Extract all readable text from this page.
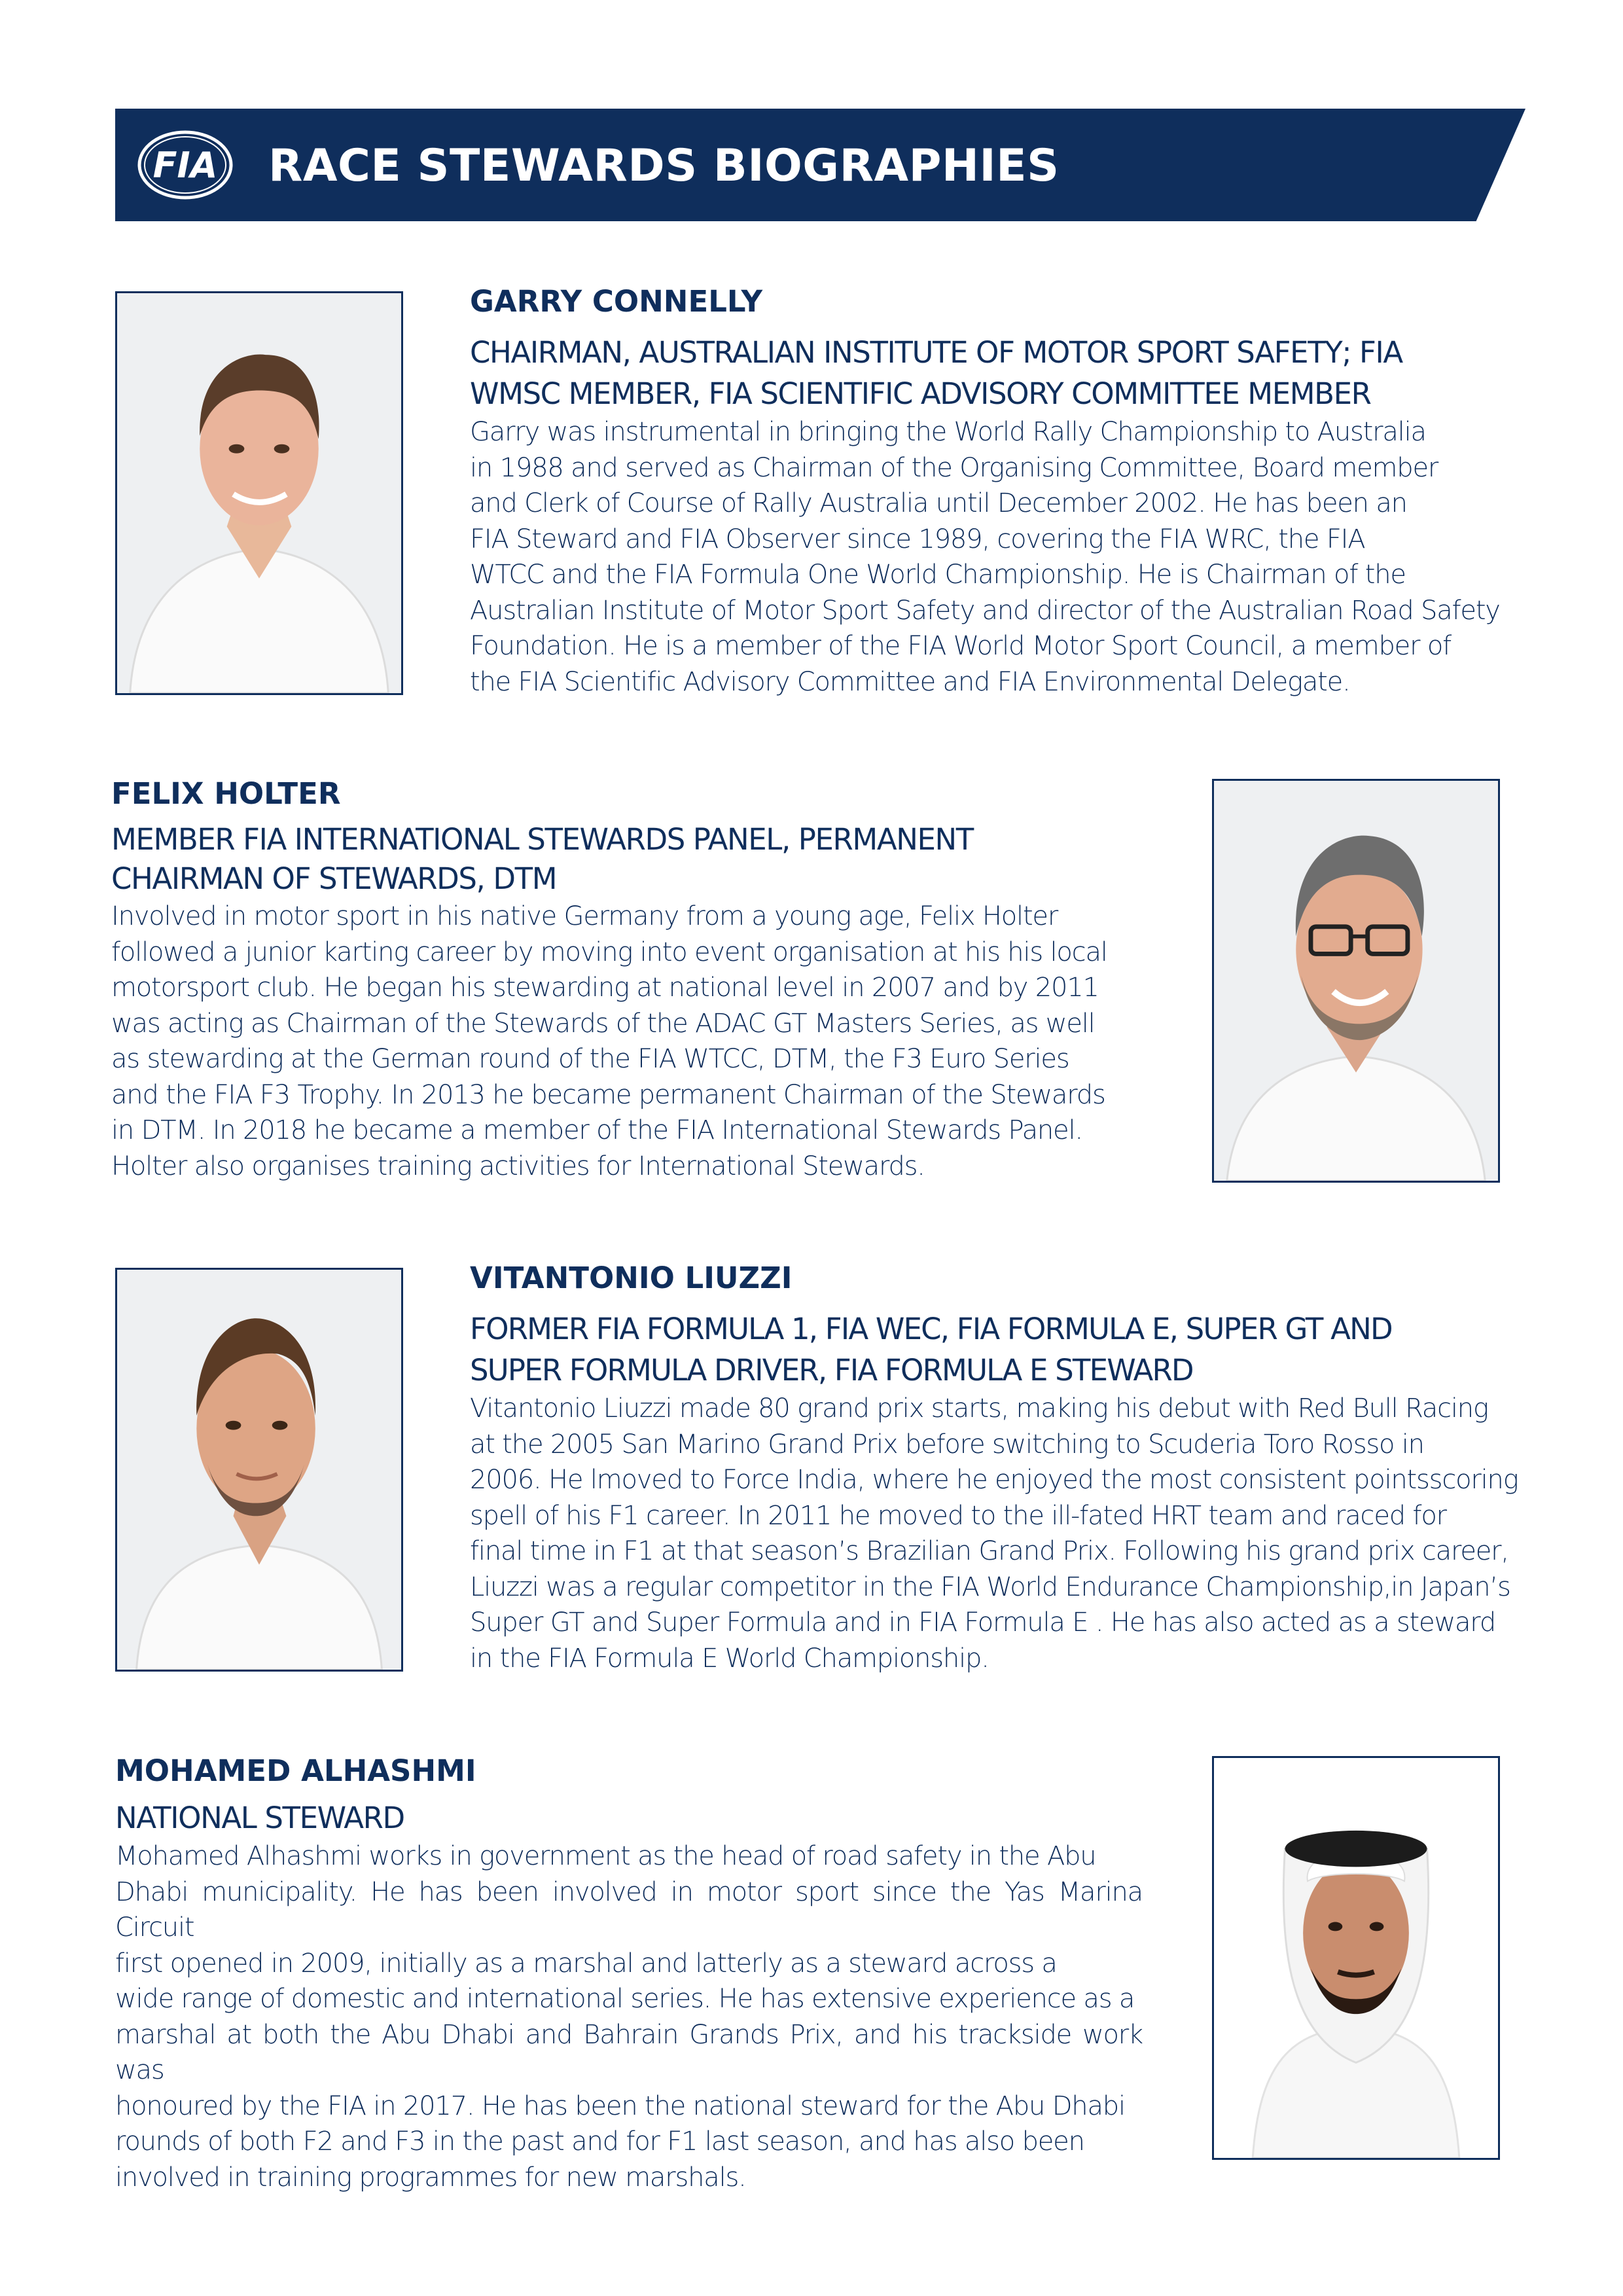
FIA RACE STEWARDS BIOGRAPHIES

GARRY CONNELLY

CHAIRMAN, AUSTRALIAN INSTITUTE OF MOTOR SPORT SAFETY; FIA
WMSC MEMBER, FIA SCIENTIFIC ADVISORY COMMITTEE MEMBER

Garry was instrumental in bringing the World Rally Championship to Australia
in 1988 and served as Chairman of the Organising Committee, Board member
and Clerk of Course of Rally Australia until December 2002. He has been an
FIA Steward and FIA Observer since 1989, covering the FIA WRC, the FIA
WTCC and the FIA Formula One World Championship. He is Chairman of the
Australian Institute of Motor Sport Safety and director of the Australian Road Safety
Foundation. He is a member of the FIA World Motor Sport Council, a member of
the FIA Scientific Advisory Committee and FIA Environmental Delegate.

FELIX HOLTER

MEMBER FIA INTERNATIONAL STEWARDS PANEL, PERMANENT
CHAIRMAN OF STEWARDS, DTM

Involved in motor sport in his native Germany from a young age, Felix Holter
followed a junior karting career by moving into event organisation at his his local
motorsport club. He began his stewarding at national level in 2007 and by 2011
was acting as Chairman of the Stewards of the ADAC GT Masters Series, as well
as stewarding at the German round of the FIA WTCC, DTM, the F3 Euro Series
and the FIA F3 Trophy. In 2013 he became permanent Chairman of the Stewards
in DTM. In 2018 he became a member of the FIA International Stewards Panel.
Holter also organises training activities for International Stewards.

VITANTONIO LIUZZI

FORMER FIA FORMULA 1, FIA WEC, FIA FORMULA E, SUPER GT AND
SUPER FORMULA DRIVER, FIA FORMULA E STEWARD

Vitantonio Liuzzi made 80 grand prix starts, making his debut with Red Bull Racing
at the 2005 San Marino Grand Prix before switching to Scuderia Toro Rosso in
2006. He lmoved to Force India, where he enjoyed the most consistent pointsscoring
spell of his F1 career. In 2011 he moved to the ill-fated HRT team and raced for
final time in F1 at that season’s Brazilian Grand Prix. Following his grand prix career,
Liuzzi was a regular competitor in the FIA World Endurance Championship,in Japan’s
Super GT and Super Formula and in FIA Formula E . He has also acted as a steward
in the FIA Formula E World Championship.

MOHAMED ALHASHMI

NATIONAL STEWARD

Mohamed Alhashmi works in government as the head of road safety in the Abu
Dhabi municipality. He has been involved in motor sport since the Yas Marina Circuit
first opened in 2009, initially as a marshal and latterly as a steward across a
wide range of domestic and international series. He has extensive experience as a
marshal at both the Abu Dhabi and Bahrain Grands Prix, and his trackside work was
honoured by the FIA in 2017. He has been the national steward for the Abu Dhabi
rounds of both F2 and F3 in the past and for F1 last season, and has also been
involved in training programmes for new marshals.
